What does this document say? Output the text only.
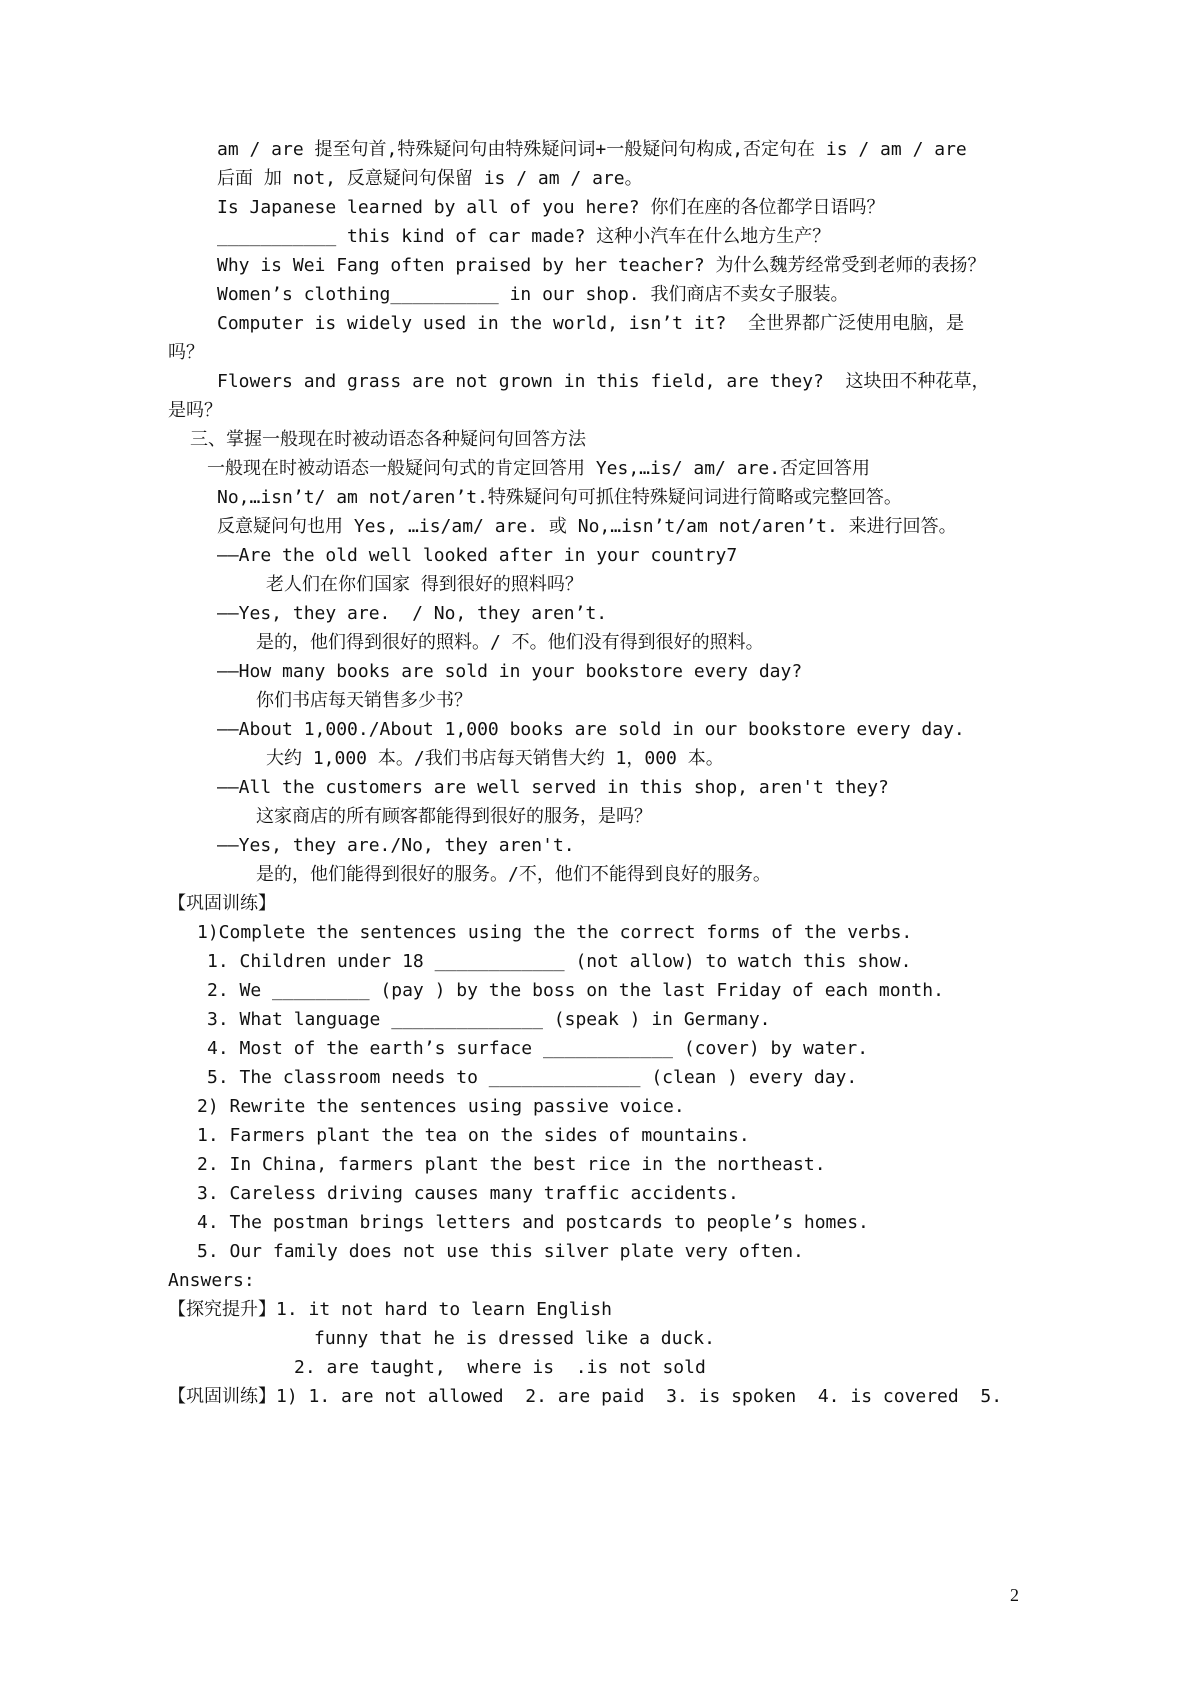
am / are 提至句首,特殊疑问句由特殊疑问词+一般疑问句构成,否定句在 is / am / are
后面 加 not, 反意疑问句保留 is / am / are。
Is Japanese learned by all of you here? 你们在座的各位都学日语吗？
___________ this kind of car made? 这种小汽车在什么地方生产？
Why is Wei Fang often praised by her teacher? 为什么魏芳经常受到老师的表扬？
Women’s clothing__________ in our shop. 我们商店不卖女子服装。
Computer is widely used in the world, isn’t it?  全世界都广泛使用电脑，是
吗？
Flowers and grass are not grown in this field, are they?  这块田不种花草，
是吗？
三、掌握一般现在时被动语态各种疑问句回答方法
一般现在时被动语态一般疑问句式的肯定回答用 Yes,…is/ am/ are.否定回答用
No,…isn’t/ am not/aren’t.特殊疑问句可抓住特殊疑问词进行简略或完整回答。
反意疑问句也用 Yes, …is/am/ are. 或 No,…isn’t/am not/aren’t. 来进行回答。
——Are the old well looked after in your country7
老人们在你们国家 得到很好的照料吗？
——Yes, they are.  / No, they aren’t.
是的，他们得到很好的照料。/ 不。他们没有得到很好的照料。
——How many books are sold in your bookstore every day?
你们书店每天销售多少书？
——About 1,000./About 1,000 books are sold in our bookstore every day.
大约 1,000 本。/我们书店每天销售大约 1，000 本。
——All the customers are well served in this shop, aren't they?
这家商店的所有顾客都能得到很好的服务，是吗？
——Yes, they are./No, they aren't.
是的，他们能得到很好的服务。/不，他们不能得到良好的服务。
【巩固训练】
1)Complete the sentences using the the correct forms of the verbs.
1. Children under 18 ____________ (not allow) to watch this show.
2. We _________ (pay ) by the boss on the last Friday of each month.
3. What language ______________ (speak ) in Germany.
4. Most of the earth’s surface ____________ (cover) by water.
5. The classroom needs to ______________ (clean ) every day.
2) Rewrite the sentences using passive voice.
1. Farmers plant the tea on the sides of mountains.
2. In China, farmers plant the best rice in the northeast.
3. Careless driving causes many traffic accidents.
4. The postman brings letters and postcards to people’s homes.
5. Our family does not use this silver plate very often.
Answers:
【探究提升】1. it not hard to learn English
funny that he is dressed like a duck.
2. are taught,  where is  .is not sold
【巩固训练】1) 1. are not allowed  2. are paid  3. is spoken  4. is covered  5.
2
